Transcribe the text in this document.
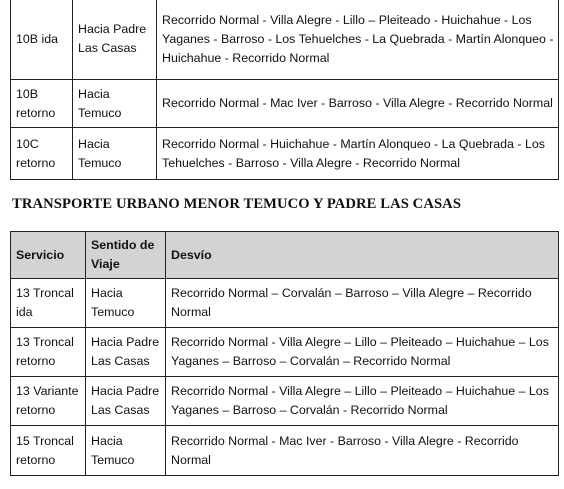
10B ida	Hacia Padre Las Casas	Recorrido Normal - Villa Alegre - Lillo – Pleiteado - Huichahue - Los Yaganes - Barroso - Los Tehuelches - La Quebrada - Martín Alonqueo - Huichahue - Recorrido Normal
10B retorno	Hacia Temuco	Recorrido Normal - Mac Iver - Barroso - Villa Alegre - Recorrido Normal
10C retorno	Hacia Temuco	Recorrido Normal - Huichahue - Martín Alonqueo - La Quebrada - Los Tehuelches - Barroso - Villa Alegre - Recorrido Normal
TRANSPORTE URBANO MENOR TEMUCO Y PADRE LAS CASAS
Servicio	Sentido de Viaje	Desvío
13 Troncal ida	Hacia Temuco	Recorrido Normal – Corvalán – Barroso – Villa Alegre – Recorrido Normal
13 Troncal retorno	Hacia Padre Las Casas	Recorrido Normal - Villa Alegre – Lillo – Pleiteado – Huichahue – Los Yaganes – Barroso – Corvalán – Recorrido Normal
13 Variante retorno	Hacia Padre Las Casas	Recorrido Normal - Villa Alegre – Lillo – Pleiteado – Huichahue – Los Yaganes – Barroso – Corvalán - Recorrido Normal
15 Troncal retorno	Hacia Temuco	Recorrido Normal - Mac Iver - Barroso - Villa Alegre - Recorrido Normal
